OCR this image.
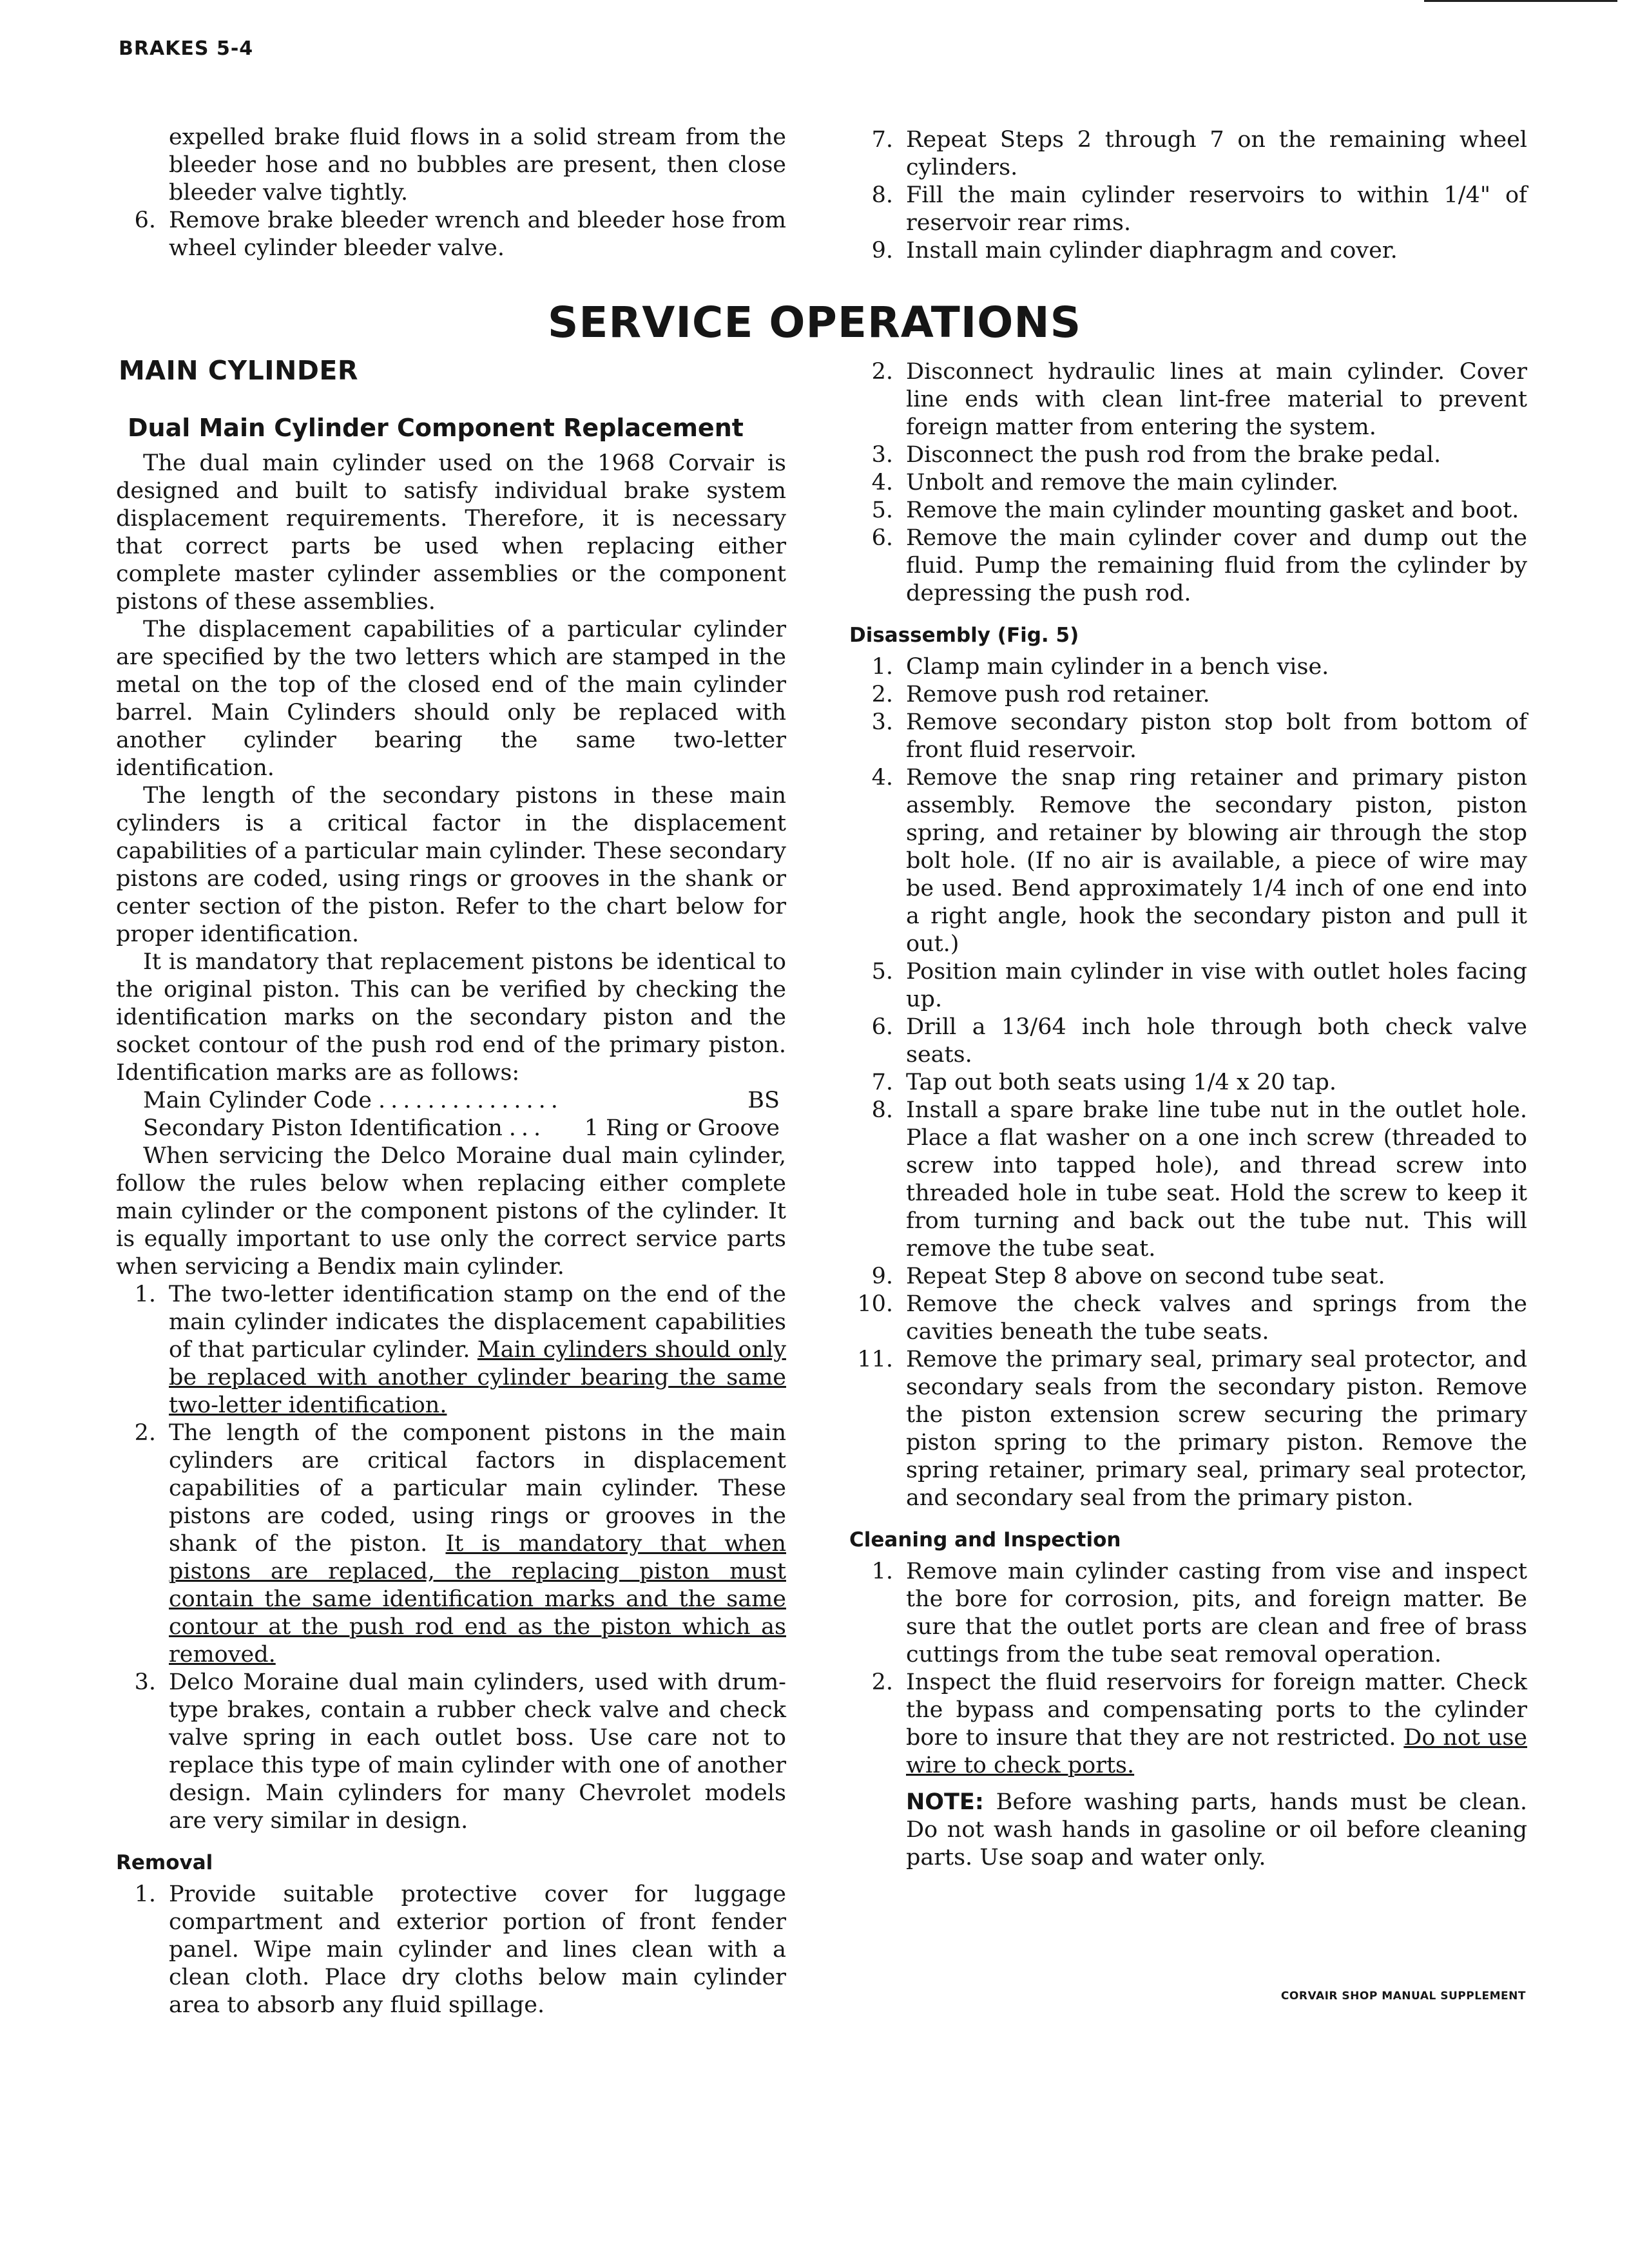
BRAKES 5-4

expelled brake fluid flows in a solid stream from the bleeder hose and no bubbles are present, then close bleeder valve tightly.

6. Remove brake bleeder wrench and bleeder hose from wheel cylinder bleeder valve.
7. Repeat Steps 2 through 7 on the remaining wheel cylinders.
8. Fill the main cylinder reservoirs to within 1/4" of reservoir rear rims.
9. Install main cylinder diaphragm and cover.
SERVICE OPERATIONS
MAIN CYLINDER
Dual Main Cylinder Component Replacement

The dual main cylinder used on the 1968 Corvair is designed and built to satisfy individual brake system displacement requirements. Therefore, it is necessary that correct parts be used when replacing either complete master cylinder assemblies or the component pistons of these assemblies.

The displacement capabilities of a particular cylinder are specified by the two letters which are stamped in the metal on the top of the closed end of the main cylinder barrel. Main Cylinders should only be replaced with another cylinder bearing the same two-letter identification.

The length of the secondary pistons in these main cylinders is a critical factor in the displacement capabilities of a particular main cylinder. These secondary pistons are coded, using rings or grooves in the shank or center section of the piston. Refer to the chart below for proper identification.

It is mandatory that replacement pistons be identical to the original piston. This can be verified by checking the identification marks on the secondary piston and the socket contour of the push rod end of the primary piston. Identification marks are as follows:

Main Cylinder Code ...............	BS
Secondary Piston Identification ...	1 Ring or Groove

When servicing the Delco Moraine dual main cylinder, follow the rules below when replacing either complete main cylinder or the component pistons of the cylinder. It is equally important to use only the correct service parts when servicing a Bendix main cylinder.

1. The two-letter identification stamp on the end of the main cylinder indicates the displacement capabilities of that particular cylinder. Main cylinders should only be replaced with another cylinder bearing the same two-letter identification.
2. The length of the component pistons in the main cylinders are critical factors in displacement capabilities of a particular main cylinder. These pistons are coded, using rings or grooves in the shank of the piston. It is mandatory that when pistons are replaced, the replacing piston must contain the same identification marks and the same contour at the push rod end as the piston which as removed.
3. Delco Moraine dual main cylinders, used with drum-type brakes, contain a rubber check valve and check valve spring in each outlet boss. Use care not to replace this type of main cylinder with one of another design. Main cylinders for many Chevrolet models are very similar in design.
Removal
1. Provide suitable protective cover for luggage compartment and exterior portion of front fender panel. Wipe main cylinder and lines clean with a clean cloth. Place dry cloths below main cylinder area to absorb any fluid spillage.
2. Disconnect hydraulic lines at main cylinder. Cover line ends with clean lint-free material to prevent foreign matter from entering the system.
3. Disconnect the push rod from the brake pedal.
4. Unbolt and remove the main cylinder.
5. Remove the main cylinder mounting gasket and boot.
6. Remove the main cylinder cover and dump out the fluid. Pump the remaining fluid from the cylinder by depressing the push rod.
Disassembly (Fig. 5)
1. Clamp main cylinder in a bench vise.
2. Remove push rod retainer.
3. Remove secondary piston stop bolt from bottom of front fluid reservoir.
4. Remove the snap ring retainer and primary piston assembly. Remove the secondary piston, piston spring, and retainer by blowing air through the stop bolt hole. (If no air is available, a piece of wire may be used. Bend approximately 1/4 inch of one end into a right angle, hook the secondary piston and pull it out.)
5. Position main cylinder in vise with outlet holes facing up.
6. Drill a 13/64 inch hole through both check valve seats.
7. Tap out both seats using 1/4 x 20 tap.
8. Install a spare brake line tube nut in the outlet hole. Place a flat washer on a one inch screw (threaded to screw into tapped hole), and thread screw into threaded hole in tube seat. Hold the screw to keep it from turning and back out the tube nut. This will remove the tube seat.
9. Repeat Step 8 above on second tube seat.
10. Remove the check valves and springs from the cavities beneath the tube seats.
11. Remove the primary seal, primary seal protector, and secondary seals from the secondary piston. Remove the piston extension screw securing the primary piston spring to the primary piston. Remove the spring retainer, primary seal, primary seal protector, and secondary seal from the primary piston.
Cleaning and Inspection
1. Remove main cylinder casting from vise and inspect the bore for corrosion, pits, and foreign matter. Be sure that the outlet ports are clean and free of brass cuttings from the tube seat removal operation.
2. Inspect the fluid reservoirs for foreign matter. Check the bypass and compensating ports to the cylinder bore to insure that they are not restricted. Do not use wire to check ports.

NOTE: Before washing parts, hands must be clean. Do not wash hands in gasoline or oil before cleaning parts. Use soap and water only.

CORVAIR SHOP MANUAL SUPPLEMENT
